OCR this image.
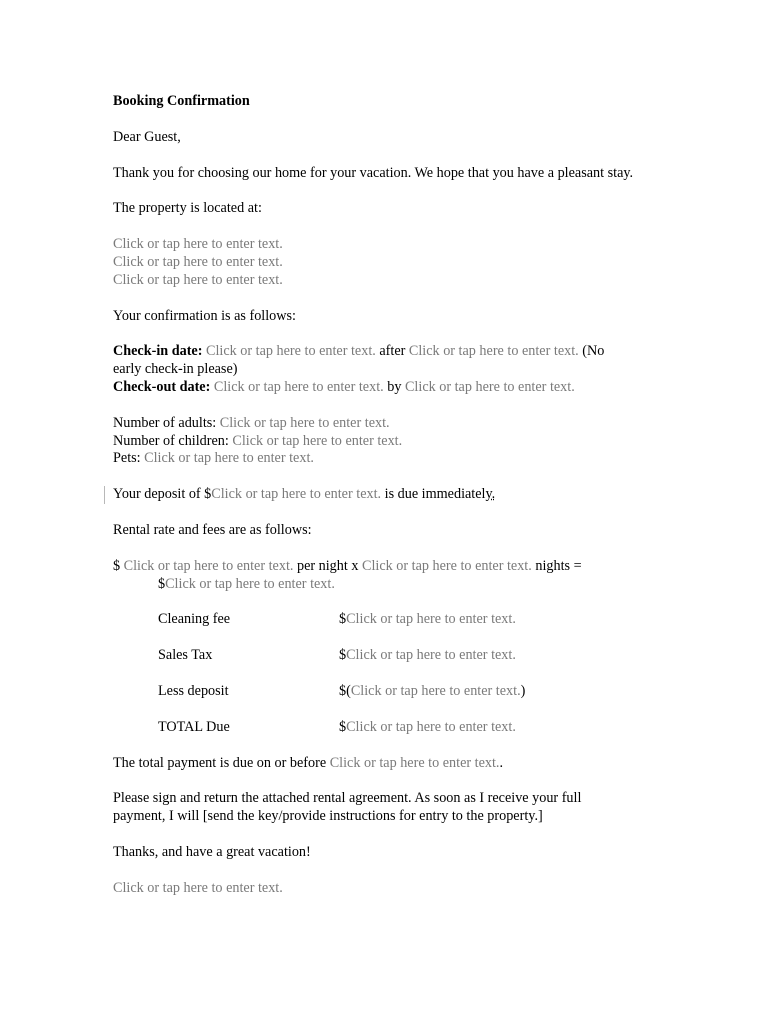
Booking Confirmation

Dear Guest,

Thank you for choosing our home for your vacation. We hope that you have a pleasant stay.

The property is located at:

Click or tap here to enter text.
Click or tap here to enter text.
Click or tap here to enter text.

Your confirmation is as follows:

Check-in date: Click or tap here to enter text. after Click or tap here to enter text. (No
early check-in please)
Check-out date: Click or tap here to enter text. by Click or tap here to enter text.

Number of adults: Click or tap here to enter text.
Number of children: Click or tap here to enter text.
Pets: Click or tap here to enter text.

Your deposit of $Click or tap here to enter text. is due immediately.

Rental rate and fees are as follows:

$ Click or tap here to enter text. per night x Click or tap here to enter text. nights =
$Click or tap here to enter text.

Cleaning fee	$Click or tap here to enter text.
Sales Tax	$Click or tap here to enter text.
Less deposit	$(Click or tap here to enter text.)
TOTAL Due	$Click or tap here to enter text.

The total payment is due on or before Click or tap here to enter text..

Please sign and return the attached rental agreement. As soon as I receive your full payment, I will [send the key/provide instructions for entry to the property.]

Thanks, and have a great vacation!

Click or tap here to enter text.
